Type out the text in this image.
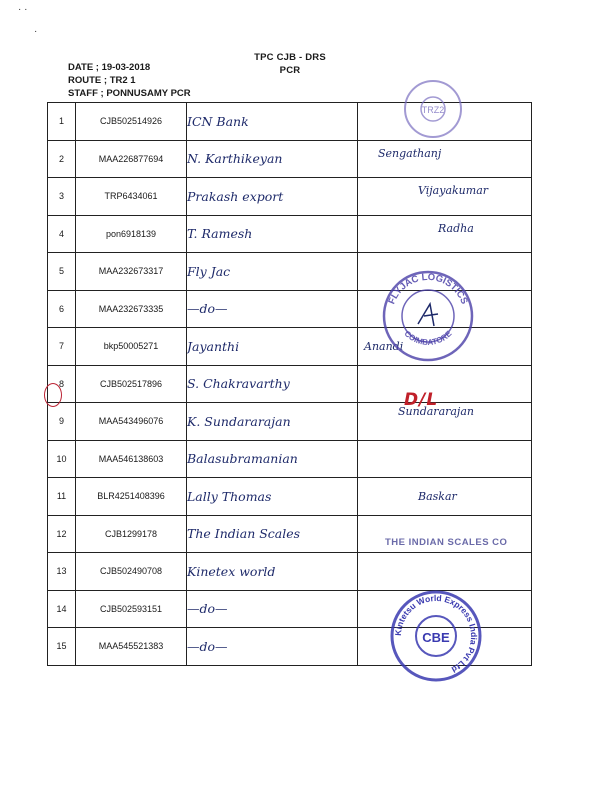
· ·
·
TPC CJB - DRS
PCR
DATE ; 19-03-2018
ROUTE ; TR2 1
STAFF ; PONNUSAMY PCR
1	CJB502514926	ICN Bank	
2	MAA226877694	N. Karthikeyan	Sengathanj

3	TRP6434061	Prakash export	Vijayakumar

4	pon6918139	T. Ramesh	Radha

5	MAA232673317	Fly Jac	
6	MAA232673335	—do—	
7	bkp50005271	Jayanthi	Anandi

8	CJB502517896	S. Chakravarthy	
9	MAA543496076	K. Sundararajan	Sundararajan

10	MAA546138603	Balasubramanian	
11	BLR4251408396	Lally Thomas	Baskar

12	CJB1299178	The Indian Scales	
13	CJB502490708	Kinetex world	
14	CJB502593151	—do—	
15	MAA545521383	—do—	
D/L
TRZ2
FLYJAC LOGISTICS
COIMBATORE
THE INDIAN SCALES CO
Kintetsu World Express India Pvt Ltd
CBE
